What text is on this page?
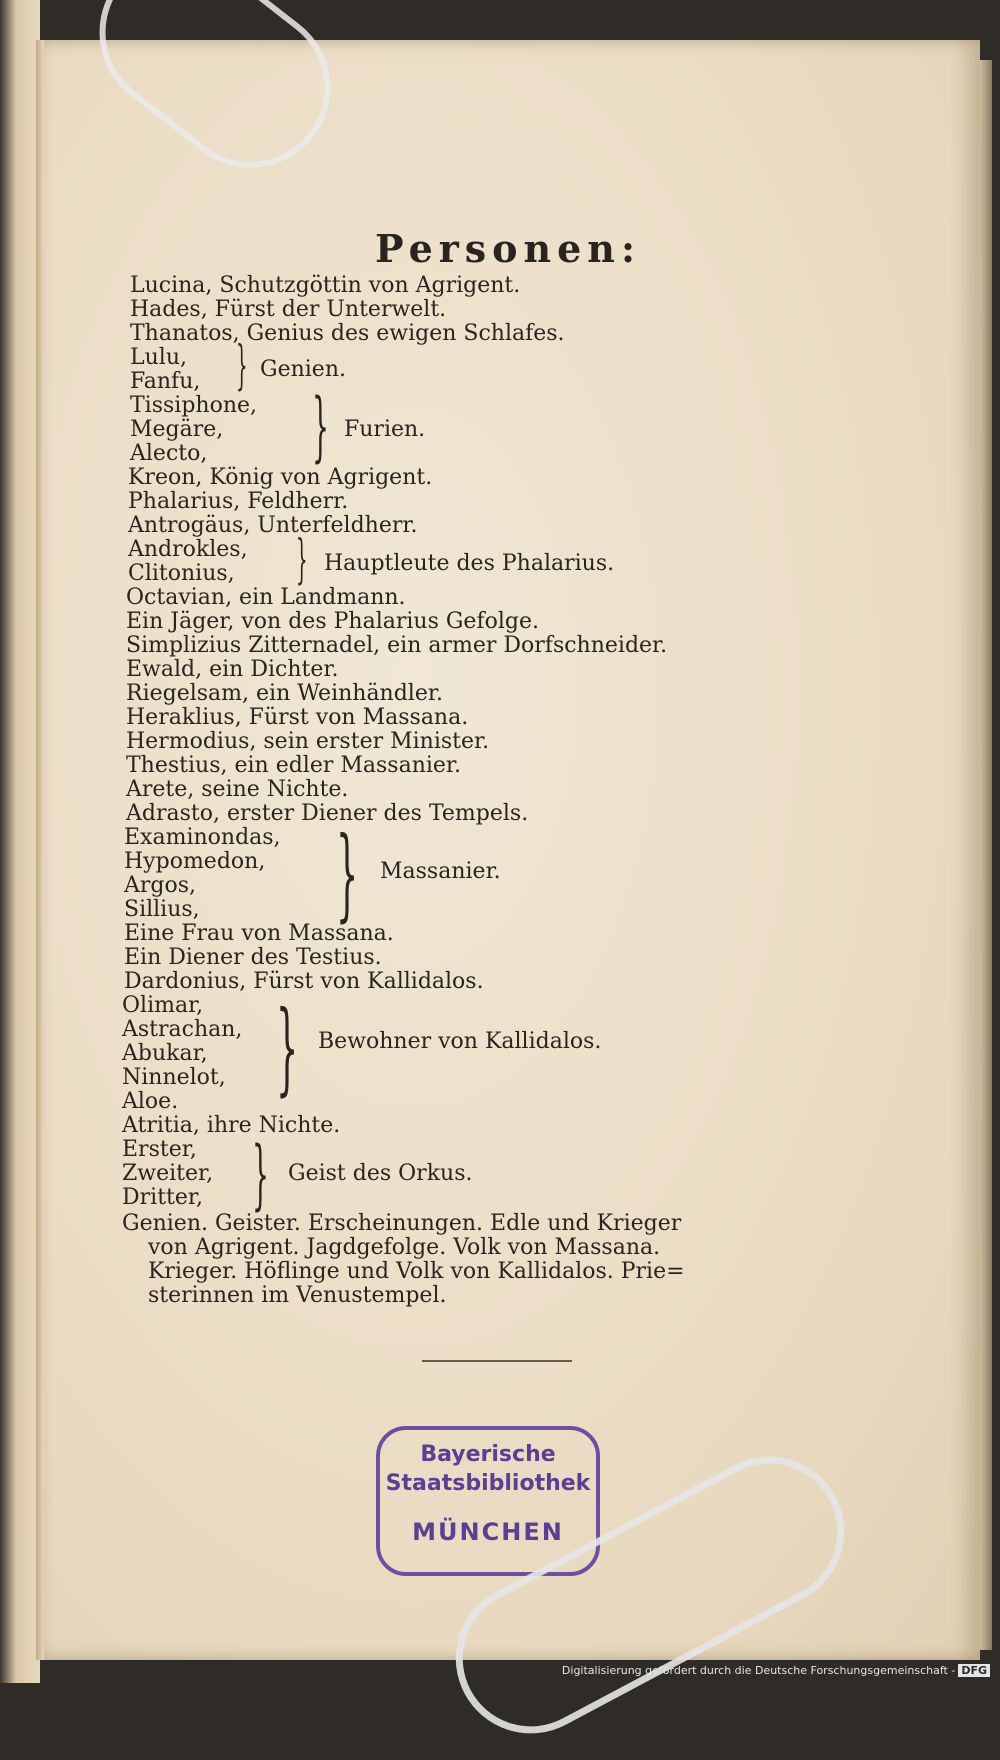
Personen:
Lucina, Schutzgöttin von Agrigent.
Hades, Fürst der Unterwelt.
Thanatos, Genius des ewigen Schlafes.
Lulu,
Fanfu, } Genien.
Tissiphone,
Megäre,
Alecto, } Furien.
Kreon, König von Agrigent.
Phalarius, Feldherr.
Antrogäus, Unterfeldherr.
Androkles,
Clitonius, } Hauptleute des Phalarius.
Octavian, ein Landmann.
Ein Jäger, von des Phalarius Gefolge.
Simplizius Zitternadel, ein armer Dorfschneider.
Ewald, ein Dichter.
Riegelsam, ein Weinhändler.
Heraklius, Fürst von Massana.
Hermodius, sein erster Minister.
Thestius, ein edler Massanier.
Arete, seine Nichte.
Adrasto, erster Diener des Tempels.
Examinondas,
Hypomedon,
Argos,
Sillius, } Massanier.
Eine Frau von Massana.
Ein Diener des Testius.
Dardonius, Fürst von Kallidalos.
Olimar,
Astrachan,
Abukar,
Ninnelot, } Bewohner von Kallidalos.
Aloe.
Atritia, ihre Nichte.
Erster,
Zweiter,
Dritter, } Geist des Orkus.
Genien. Geister. Erscheinungen. Edle und Krieger
von Agrigent. Jagdgefolge. Volk von Massana.
Krieger. Höflinge und Volk von Kallidalos. Prie=
sterinnen im Venustempel.
Bayerische
Staatsbibliothek
MÜNCHEN
Digitalisierung gefördert durch die Deutsche Forschungsgemeinschaft - DFG
